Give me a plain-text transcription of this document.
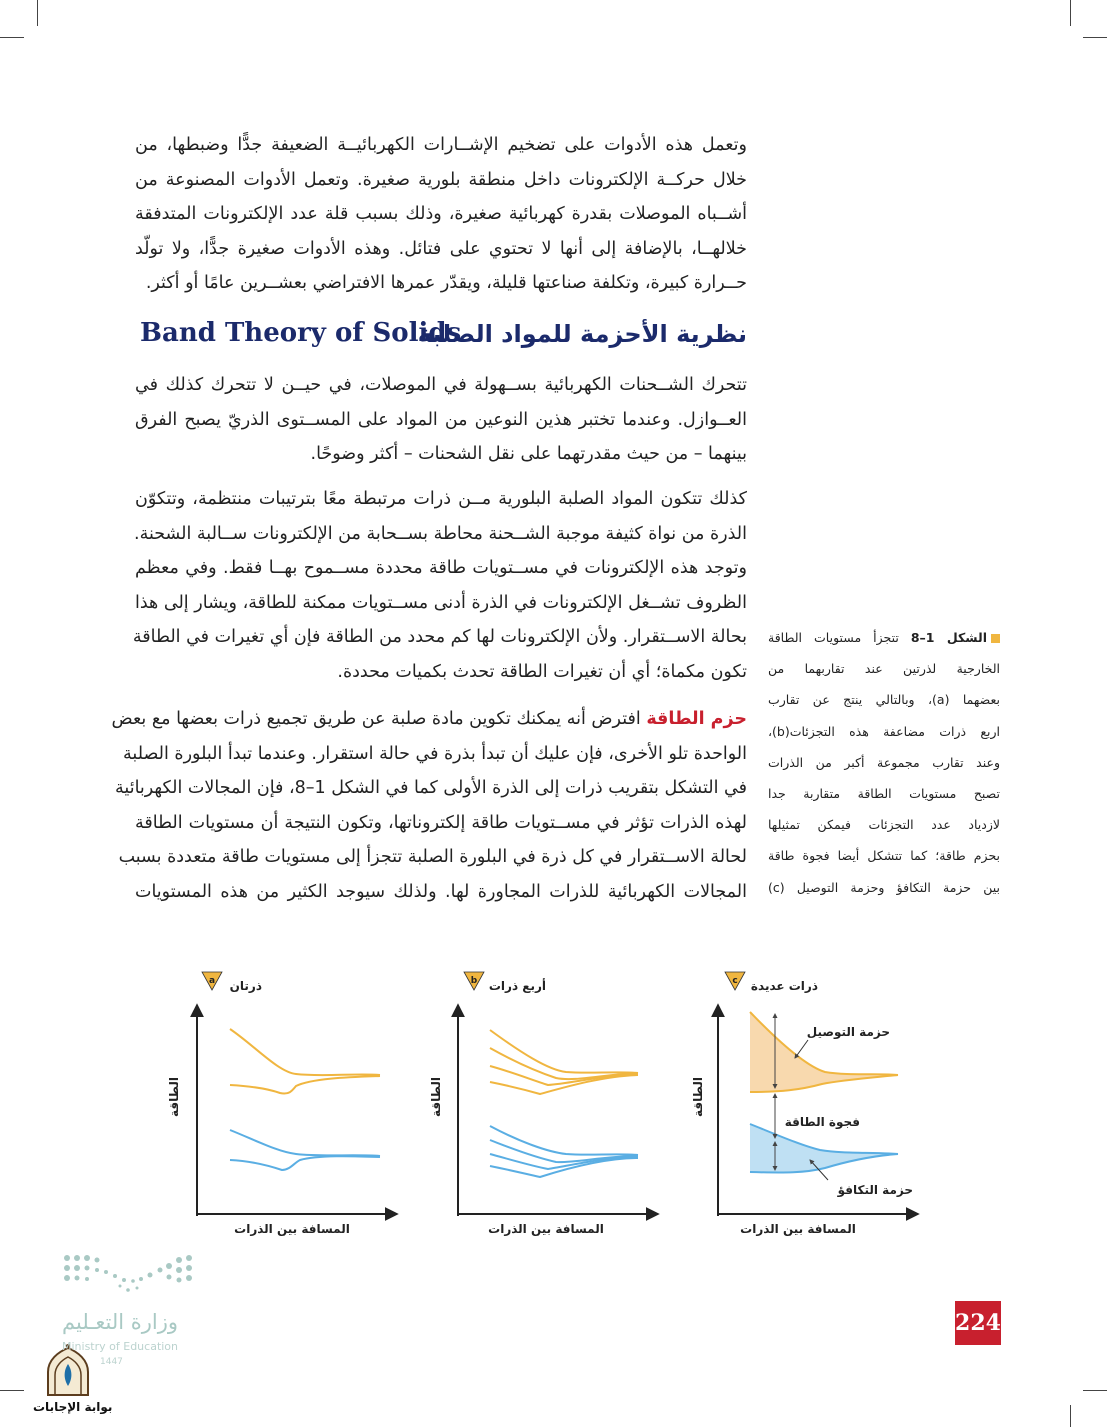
وتعمل هذه الأدوات على تضخيم الإشــارات الكهربائيــة الضعيفة جدًّا وضبطها، من
خلال حركــة الإلكترونات داخل منطقة بلورية صغيرة. وتعمل الأدوات المصنوعة من
أشــباه الموصلات بقدرة كهربائية صغيرة، وذلك بسبب قلة عدد الإلكترونات المتدفقة
خلالهــا، بالإضافة إلى أنها لا تحتوي على فتائل. وهذه الأدوات صغيرة جدًّا، ولا تولّد
حــرارة كبيرة، وتكلفة صناعتها قليلة، ويقدّر عمرها الافتراضي بعشــرين عامًا أو أكثر.
نظرية الأحزمة للمواد الصلبة
Band Theory of Solids
تتحرك الشــحنات الكهربائية بســهولة في الموصلات، في حيــن لا تتحرك كذلك في
العــوازل. وعندما تختبر هذين النوعين من المواد على المســتوى الذريّ يصبح الفرق
بينهما – من حيث مقدرتهما على نقل الشحنات – أكثر وضوحًا.
كذلك تتكون المواد الصلبة البلورية مــن ذرات مرتبطة معًا بترتيبات منتظمة، وتتكوّن
الذرة من نواة كثيفة موجبة الشــحنة محاطة بســحابة من الإلكترونات ســالبة الشحنة.
وتوجد هذه الإلكترونات في مســتويات طاقة محددة مســموح بهــا فقط. وفي معظم
الظروف تشــغل الإلكترونات في الذرة أدنى مســتويات ممكنة للطاقة، ويشار إلى هذا
بحالة الاســتقرار. ولأن الإلكترونات لها كم محدد من الطاقة فإن أي تغيرات في الطاقة
تكون مكماة؛ أي أن تغيرات الطاقة تحدث بكميات محددة.
حزم الطاقة افترض أنه يمكنك تكوين مادة صلبة عن طريق تجميع ذرات بعضها مع بعض
الواحدة تلو الأخرى، فإن عليك أن تبدأ بذرة في حالة استقرار. وعندما تبدأ البلورة الصلبة
في التشكل بتقريب ذرات إلى الذرة الأولى كما في الشكل 1–8، فإن المجالات الكهربائية
لهذه الذرات تؤثر في مســتويات طاقة إلكتروناتها، وتكون النتيجة أن مستويات الطاقة
لحالة الاســتقرار في كل ذرة في البلورة الصلبة تتجزأ إلى مستويات طاقة متعددة بسبب
المجالات الكهربائية للذرات المجاورة لها. ولذلك سيوجد الكثير من هذه المستويات
الشكل 1–8 تتجزأ مستويات الطاقة
الخارجية لذرتين عند تقاربهما من
بعضهما (a)، وبالتالي ينتج عن تقارب
اربع ذرات مضاعفة هذه التجزئات(b)،
وعند تقارب مجموعة أكبر من الذرات
تصبح مستويات الطاقة متقاربة جدا
لازدياد عدد التجزئات فيمكن تمثيلها
بحزم طاقة؛ كما تتشكل أيضا فجوة طاقة
بين حزمة التكافؤ وحزمة التوصيل (c)
a ذرتان
الطاقة
المسافة بين الذرات
b أربع ذرات
الطاقة
المسافة بين الذرات
c ذرات عديدة
الطاقة
المسافة بين الذرات
حزمة التوصيل
فجوة الطاقة
حزمة التكافؤ
224
وزارة التعـليم
Ministry of Education
1447
بوابة الإجابات
